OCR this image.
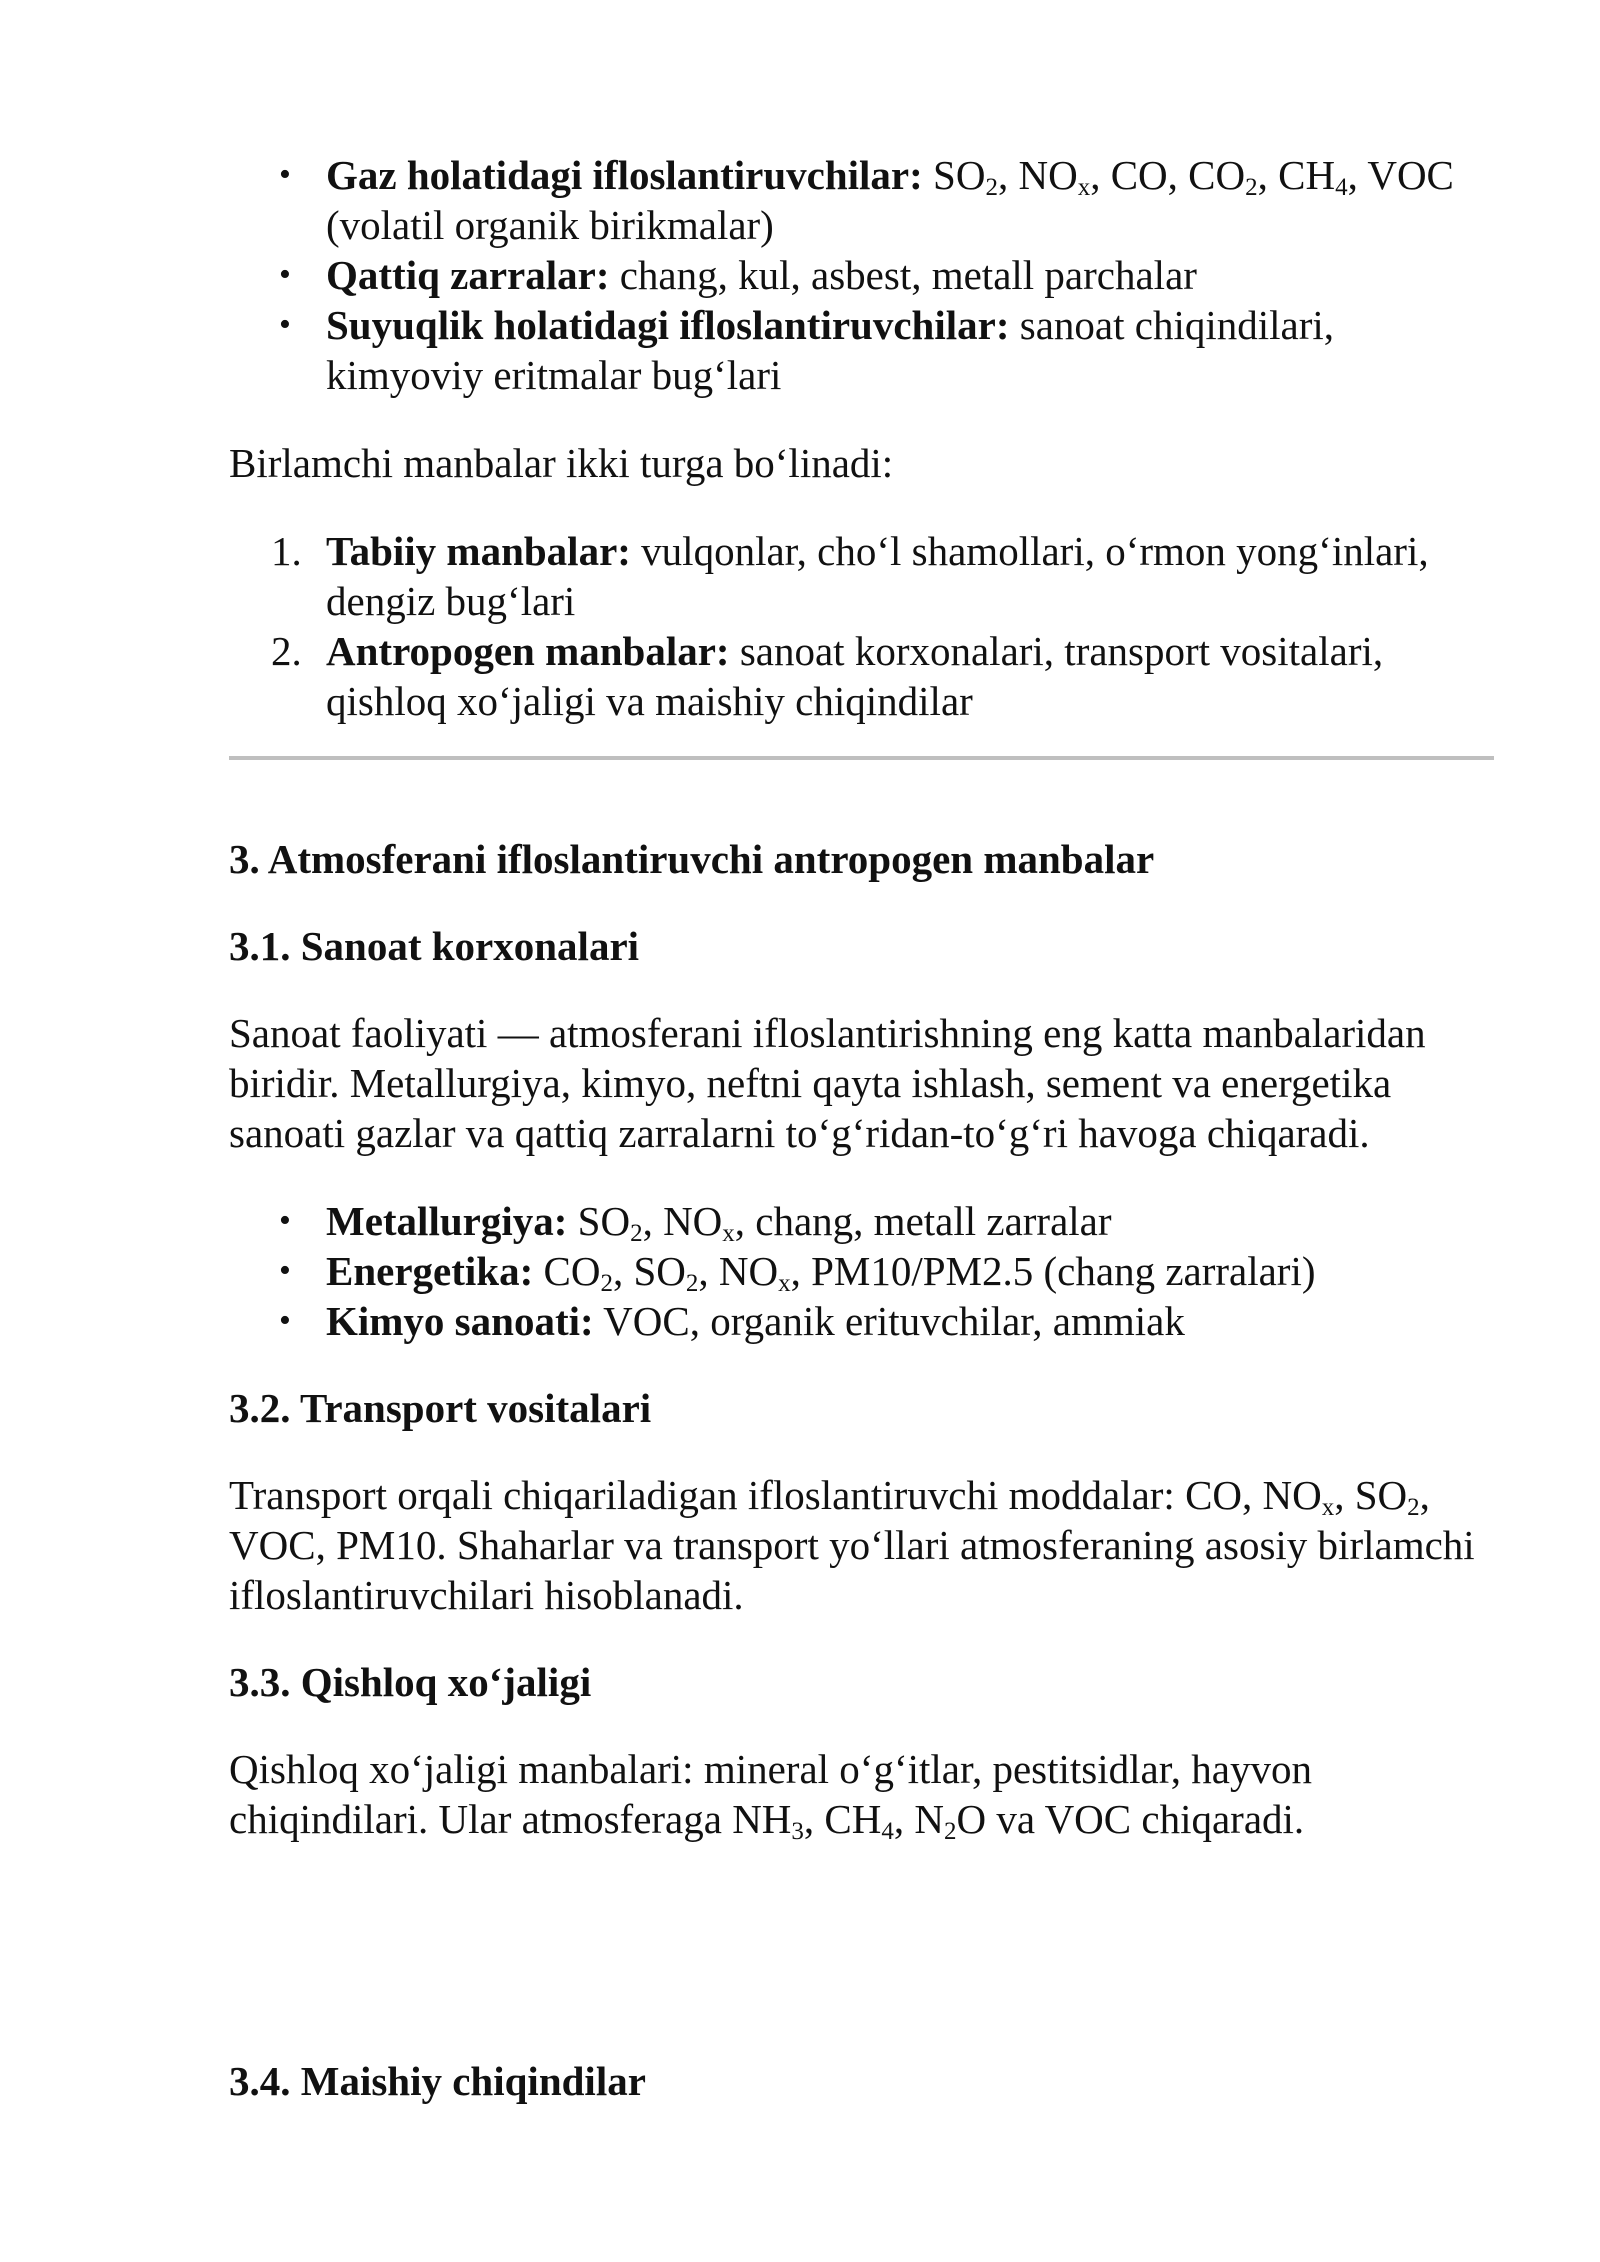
• Gaz holatidagi ifloslantiruvchilar: $SO_2$, $NO_x$, CO, $CO_2$, $CH_4$, VOC (volatil organik birikmalar)
• Qattiq zarralar: chang, kul, asbest, metall parchalar
• Suyuqlik holatidagi ifloslantiruvchilar: sanoat chiqindilari, kimyoviy eritmalar bug‘lari

Birlamchi manbalar ikki turga bo‘linadi:

1. Tabiiy manbalar: vulqonlar, cho‘l shamollari, o‘rmon yong‘inlari, dengiz bug‘lari
2. Antropogen manbalar: sanoat korxonalari, transport vositalari, qishloq xo‘jaligi va maishiy chiqindilar
3. Atmosferani ifloslantiruvchi antropogen manbalar
3.1. Sanoat korxonalari

Sanoat faoliyati — atmosferani ifloslantirishning eng katta manbalaridan biridir. Metallurgiya, kimyo, neftni qayta ishlash, sement va energetika sanoati gazlar va qattiq zarralarni to‘g‘ridan-to‘g‘ri havoga chiqaradi.

• Metallurgiya: $SO_2$, $NO_x$, chang, metall zarralar
• Energetika: $CO_2$, $SO_2$, $NO_x$, PM10/PM2.5 (chang zarralari)
• Kimyo sanoati: VOC, organik erituvchilar, ammiak
3.2. Transport vositalari

Transport orqali chiqariladigan ifloslantiruvchi moddalar: CO, $NO_x$, $SO_2$, VOC, PM10. Shaharlar va transport yo‘llari atmosferaning asosiy birlamchi ifloslantiruvchilari hisoblanadi.

3.3. Qishloq xo‘jaligi

Qishloq xo‘jaligi manbalari: mineral o‘g‘itlar, pestitsidlar, hayvon chiqindilari. Ular atmosferaga $NH_3$, $CH_4$, $N_2O$ va VOC chiqaradi.

3.4. Maishiy chiqindilar
